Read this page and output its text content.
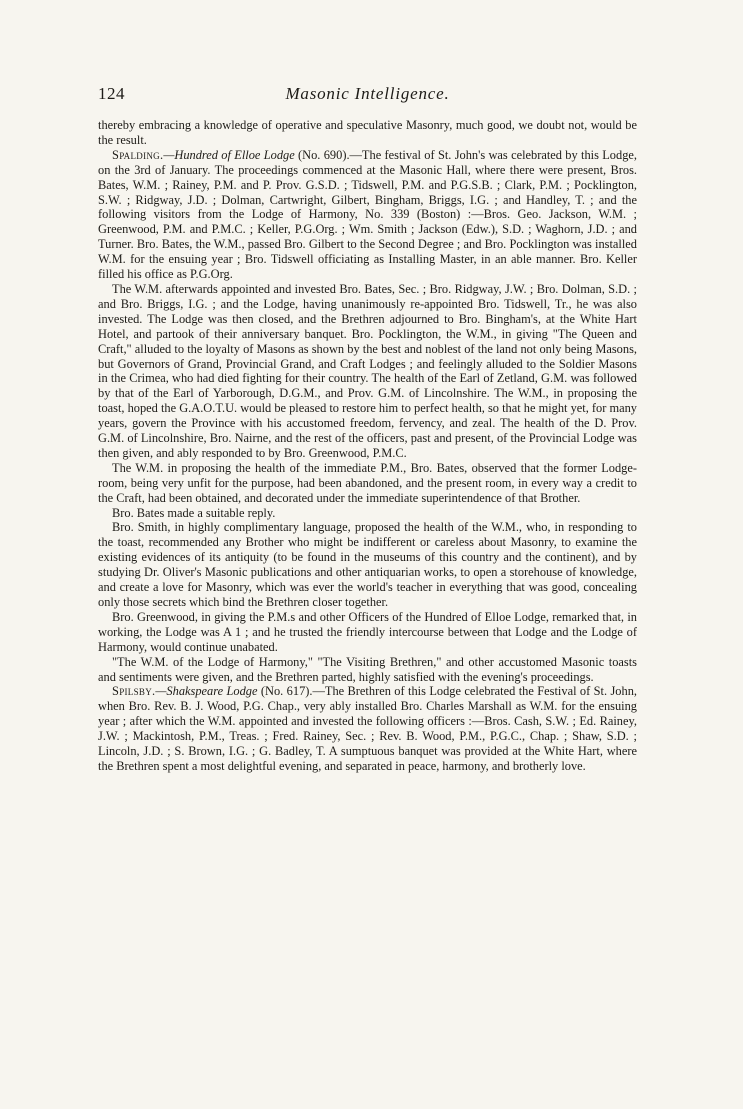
124	Masonic Intelligence.

thereby embracing a knowledge of operative and speculative Masonry, much good, we doubt not, would be the result.

Spalding.—Hundred of Elloe Lodge (No. 690).—The festival of St. John's was celebrated by this Lodge, on the 3rd of January. The proceedings commenced at the Masonic Hall, where there were present, Bros. Bates, W.M. ; Rainey, P.M. and P. Prov. G.S.D. ; Tidswell, P.M. and P.G.S.B. ; Clark, P.M. ; Pocklington, S.W. ; Ridgway, J.D. ; Dolman, Cartwright, Gilbert, Bingham, Briggs, I.G. ; and Handley, T. ; and the following visitors from the Lodge of Harmony, No. 339 (Boston) :—Bros. Geo. Jackson, W.M. ; Greenwood, P.M. and P.M.C. ; Keller, P.G.Org. ; Wm. Smith ; Jackson (Edw.), S.D. ; Waghorn, J.D. ; and Turner. Bro. Bates, the W.M., passed Bro. Gilbert to the Second Degree ; and Bro. Pocklington was installed W.M. for the ensuing year ; Bro. Tidswell officiating as Installing Master, in an able manner. Bro. Keller filled his office as P.G.Org.

The W.M. afterwards appointed and invested Bro. Bates, Sec. ; Bro. Ridgway, J.W. ; Bro. Dolman, S.D. ; and Bro. Briggs, I.G. ; and the Lodge, having unanimously re-appointed Bro. Tidswell, Tr., he was also invested. The Lodge was then closed, and the Brethren adjourned to Bro. Bingham's, at the White Hart Hotel, and partook of their anniversary banquet. Bro. Pocklington, the W.M., in giving "The Queen and Craft," alluded to the loyalty of Masons as shown by the best and noblest of the land not only being Masons, but Governors of Grand, Provincial Grand, and Craft Lodges ; and feelingly alluded to the Soldier Masons in the Crimea, who had died fighting for their country. The health of the Earl of Zetland, G.M. was followed by that of the Earl of Yarborough, D.G.M., and Prov. G.M. of Lincolnshire. The W.M., in proposing the toast, hoped the G.A.O.T.U. would be pleased to restore him to perfect health, so that he might yet, for many years, govern the Province with his accustomed freedom, fervency, and zeal. The health of the D. Prov. G.M. of Lincolnshire, Bro. Nairne, and the rest of the officers, past and present, of the Provincial Lodge was then given, and ably responded to by Bro. Greenwood, P.M.C.

The W.M. in proposing the health of the immediate P.M., Bro. Bates, observed that the former Lodge-room, being very unfit for the purpose, had been abandoned, and the present room, in every way a credit to the Craft, had been obtained, and decorated under the immediate superintendence of that Brother.

Bro. Bates made a suitable reply.

Bro. Smith, in highly complimentary language, proposed the health of the W.M., who, in responding to the toast, recommended any Brother who might be indifferent or careless about Masonry, to examine the existing evidences of its antiquity (to be found in the museums of this country and the continent), and by studying Dr. Oliver's Masonic publications and other antiquarian works, to open a storehouse of knowledge, and create a love for Masonry, which was ever the world's teacher in everything that was good, concealing only those secrets which bind the Brethren closer together.

Bro. Greenwood, in giving the P.M.s and other Officers of the Hundred of Elloe Lodge, remarked that, in working, the Lodge was A 1 ; and he trusted the friendly intercourse between that Lodge and the Lodge of Harmony, would continue unabated.

"The W.M. of the Lodge of Harmony," "The Visiting Brethren," and other accustomed Masonic toasts and sentiments were given, and the Brethren parted, highly satisfied with the evening's proceedings.

Spilsby.—Shakspeare Lodge (No. 617).—The Brethren of this Lodge celebrated the Festival of St. John, when Bro. Rev. B. J. Wood, P.G. Chap., very ably installed Bro. Charles Marshall as W.M. for the ensuing year ; after which the W.M. appointed and invested the following officers :—Bros. Cash, S.W. ; Ed. Rainey, J.W. ; Mackintosh, P.M., Treas. ; Fred. Rainey, Sec. ; Rev. B. Wood, P.M., P.G.C., Chap. ; Shaw, S.D. ; Lincoln, J.D. ; S. Brown, I.G. ; G. Badley, T. A sumptuous banquet was provided at the White Hart, where the Brethren spent a most delightful evening, and separated in peace, harmony, and brotherly love.
